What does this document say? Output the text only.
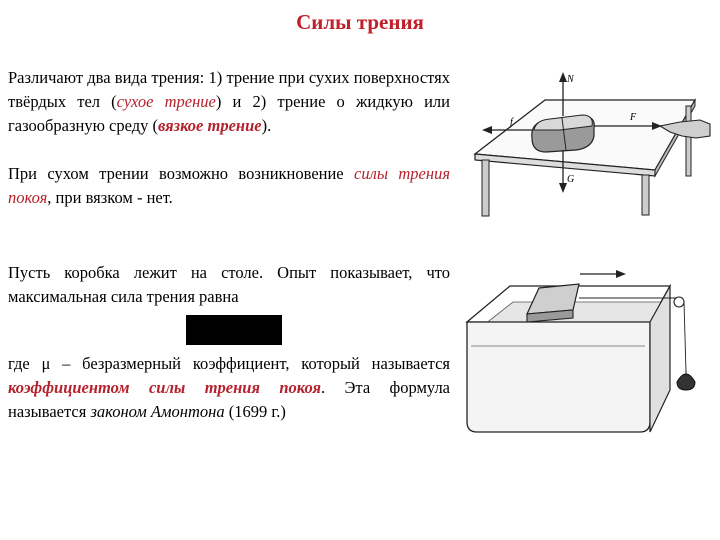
Силы трения
Различают два вида трения: 1) трение при сухих поверхностях твёрдых тел (сухое трение) и 2) трение о жидкую или газообразную среду (вязкое трение).
При сухом трении возможно возникновение силы трения покоя, при вязком - нет.
Пусть коробка лежит на столе. Опыт показывает, что максимальная сила трения равна
где μ – безразмерный коэффициент, который называется коэффициентом силы трения покоя. Эта формула называется законом Амонтона (1699 г.)
N
G
f	F
